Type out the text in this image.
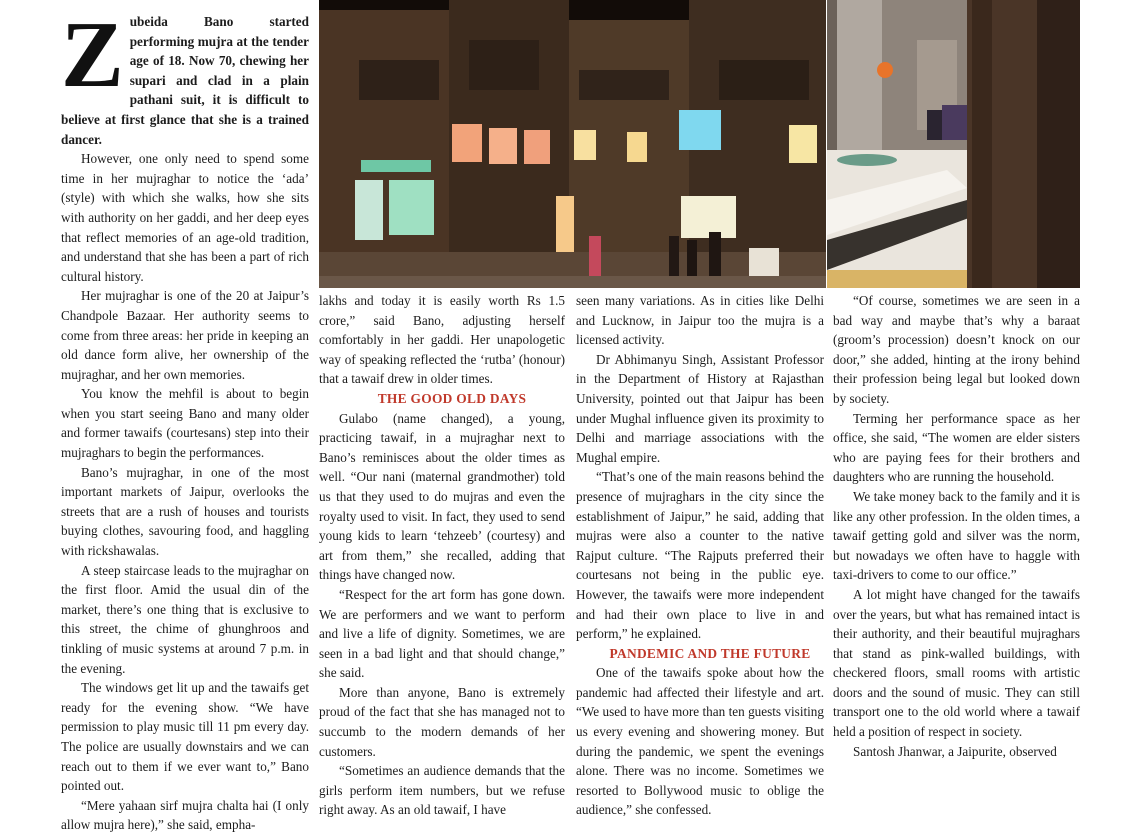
Z ubeida Bano started performing mujra at the tender age of 18. Now 70, chewing her supari and clad in a plain pathani suit, it is difficult to believe at first glance that she is a trained dancer.

However, one only need to spend some time in her mujraghar to notice the ‘ada’ (style) with which she walks, how she sits with authority on her gaddi, and her deep eyes that reflect memories of an age-old tradition, and understand that she has been a part of rich cultural history.

Her mujraghar is one of the 20 at Jaipur’s Chandpole Bazaar. Her authority seems to come from three areas: her pride in keeping an old dance form alive, her ownership of the mujraghar, and her own memories.

You know the mehfil is about to begin when you start seeing Bano and many older and former tawaifs (courtesans) step into their mujraghars to begin the performances.

Bano’s mujraghar, in one of the most important markets of Jaipur, overlooks the streets that are a rush of houses and tourists buying clothes, savouring food, and haggling with rickshawalas.

A steep staircase leads to the mujraghar on the first floor. Amid the usual din of the market, there’s one thing that is exclusive to this street, the chime of ghunghroos and tinkling of music systems at around 7 p.m. in the evening.

The windows get lit up and the tawaifs get ready for the evening show. “We have permission to play music till 11 pm every day. The police are usually downstairs and we can reach out to them if we ever want to,” Bano pointed out.

“Mere yahaan sirf mujra chalta hai (I only allow mujra here),” she said, empha-

lakhs and today it is easily worth Rs 1.5 crore,” said Bano, adjusting herself comfortably in her gaddi. Her unapologetic way of speaking reflected the ‘rutba’ (honour) that a tawaif drew in older times.

THE GOOD OLD DAYS

Gulabo (name changed), a young, practicing tawaif, in a mujraghar next to Bano’s reminisces about the older times as well. “Our nani (maternal grandmother) told us that they used to do mujras and even the royalty used to visit. In fact, they used to send young kids to learn ‘tehzeeb’ (courtesy) and art from them,” she recalled, adding that things have changed now.

“Respect for the art form has gone down. We are performers and we want to perform and live a life of dignity. Sometimes, we are seen in a bad light and that should change,” she said.

More than anyone, Bano is extremely proud of the fact that she has managed not to succumb to the modern demands of her customers.

“Sometimes an audience demands that the girls perform item numbers, but we refuse right away. As an old tawaif, I have

seen many variations. As in cities like Delhi and Lucknow, in Jaipur too the mujra is a licensed activity.

Dr Abhimanyu Singh, Assistant Professor in the Department of History at Rajasthan University, pointed out that Jaipur has been under Mughal influence given its proximity to Delhi and marriage associations with the Mughal empire.

“That’s one of the main reasons behind the presence of mujraghars in the city since the establishment of Jaipur,” he said, adding that mujras were also a counter to the native Rajput culture. “The Rajputs preferred their courtesans not being in the public eye. However, the tawaifs were more independent and had their own place to live in and perform,” he explained.

PANDEMIC AND THE FUTURE

One of the tawaifs spoke about how the pandemic had affected their lifestyle and art. “We used to have more than ten guests visiting us every evening and showering money. But during the pandemic, we spent the evenings alone. There was no income. Sometimes we resorted to Bollywood music to oblige the audience,” she confessed.

“Of course, sometimes we are seen in a bad way and maybe that’s why a baraat (groom’s procession) doesn’t knock on our door,” she added, hinting at the irony behind their profession being legal but looked down by society.

Terming her performance space as her office, she said, “The women are elder sisters who are paying fees for their brothers and daughters who are running the household.

We take money back to the family and it is like any other profession. In the olden times, a tawaif getting gold and silver was the norm, but nowadays we often have to haggle with taxi-drivers to come to our office.”

A lot might have changed for the tawaifs over the years, but what has remained intact is their authority, and their beautiful mujraghars that stand as pink-walled buildings, with checkered floors, small rooms with artistic doors and the sound of music. They can still transport one to the old world where a tawaif held a position of respect in society.

Santosh Jhanwar, a Jaipurite, observed
